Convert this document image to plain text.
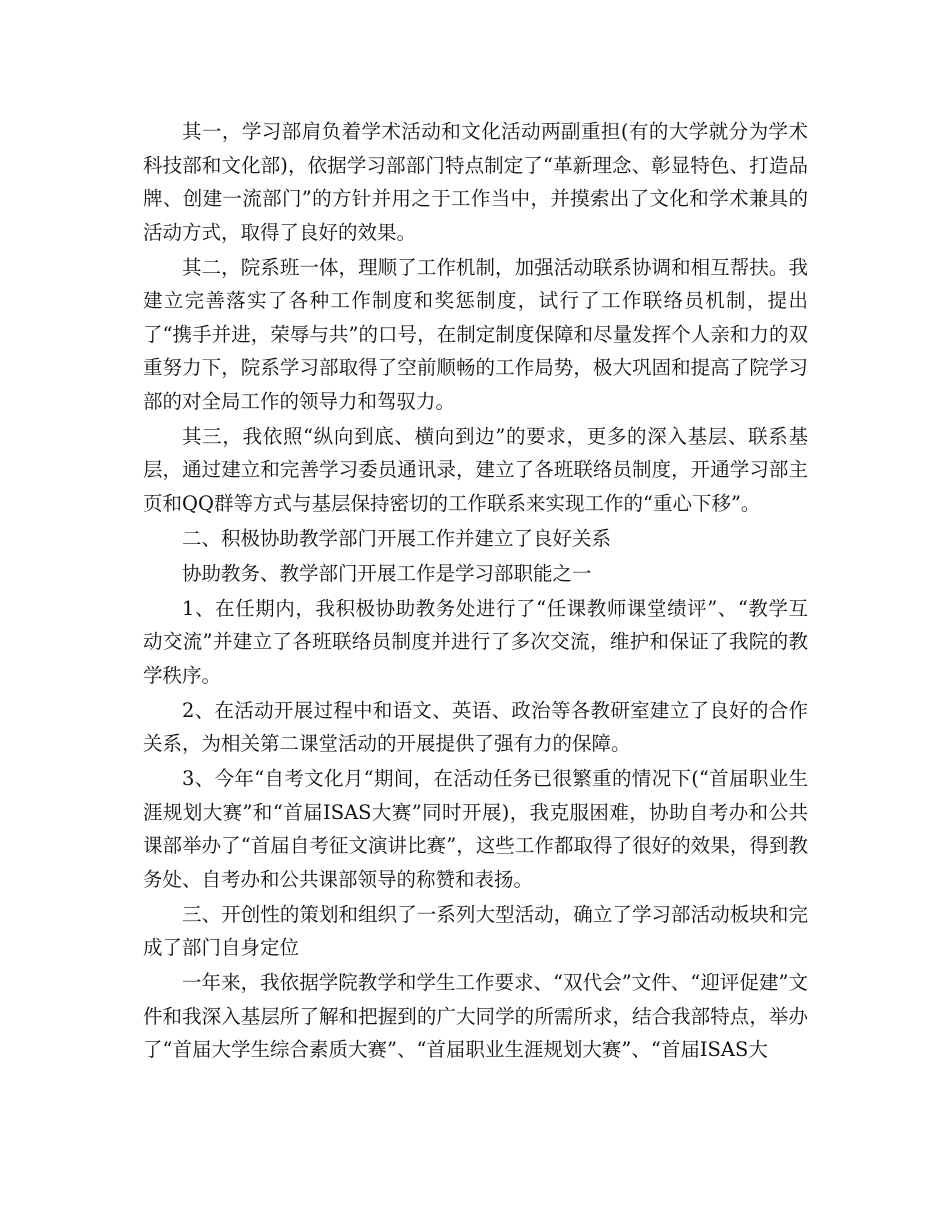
其一，学习部肩负着学术活动和文化活动两副重担(有的大学就分为学术科技部和文化部)，依据学习部部门特点制定了“革新理念、彰显特色、打造品牌、创建一流部门”的方针并用之于工作当中，并摸索出了文化和学术兼具的活动方式，取得了良好的效果。

其二，院系班一体，理顺了工作机制，加强活动联系协调和相互帮扶。我建立完善落实了各种工作制度和奖惩制度，试行了工作联络员机制，提出了“携手并进，荣辱与共”的口号，在制定制度保障和尽量发挥个人亲和力的双重努力下，院系学习部取得了空前顺畅的工作局势，极大巩固和提高了院学习部的对全局工作的领导力和驾驭力。

其三，我依照“纵向到底、横向到边”的要求，更多的深入基层、联系基层，通过建立和完善学习委员通讯录，建立了各班联络员制度，开通学习部主页和QQ群等方式与基层保持密切的工作联系来实现工作的“重心下移”。

二、积极协助教学部门开展工作并建立了良好关系

协助教务、教学部门开展工作是学习部职能之一

1、在任期内，我积极协助教务处进行了“任课教师课堂绩评”、“教学互动交流”并建立了各班联络员制度并进行了多次交流，维护和保证了我院的教学秩序。

2、在活动开展过程中和语文、英语、政治等各教研室建立了良好的合作关系，为相关第二课堂活动的开展提供了强有力的保障。

3、今年“自考文化月“期间，在活动任务已很繁重的情况下(“首届职业生涯规划大赛”和“首届ISAS大赛”同时开展)，我克服困难，协助自考办和公共课部举办了“首届自考征文演讲比赛”，这些工作都取得了很好的效果，得到教务处、自考办和公共课部领导的称赞和表扬。

三、开创性的策划和组织了一系列大型活动，确立了学习部活动板块和完成了部门自身定位

一年来，我依据学院教学和学生工作要求、“双代会”文件、“迎评促建”文件和我深入基层所了解和把握到的广大同学的所需所求，结合我部特点，举办了“首届大学生综合素质大赛”、“首届职业生涯规划大赛”、“首届ISAS大
